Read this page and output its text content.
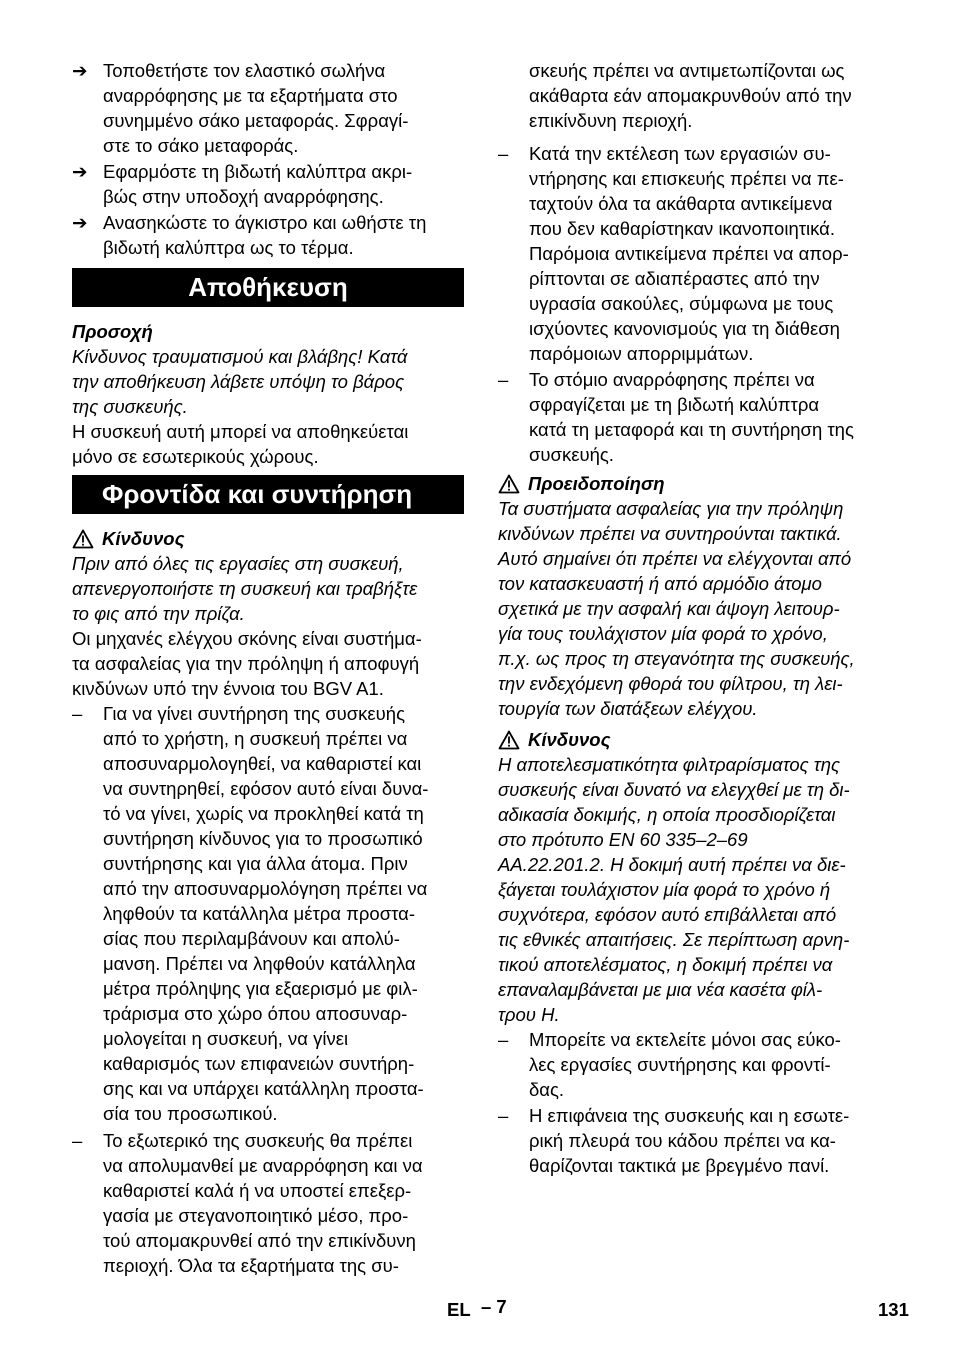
➔ Τοποθετήστε τον ελαστικό σωλήνα
αναρρόφησης με τα εξαρτήματα στο
συνημμένο σάκο μεταφοράς. Σφραγί-
στε το σάκο μεταφοράς.
➔ Εφαρμόστε τη βιδωτή καλύπτρα ακρι-
βώς στην υποδοχή αναρρόφησης.
➔ Ανασηκώστε το άγκιστρο και ωθήστε τη
βιδωτή καλύπτρα ως το τέρμα.
Αποθήκευση
Προσοχή
Κίνδυνος τραυματισμού και βλάβης! Κατά
την αποθήκευση λάβετε υπόψη το βάρος
της συσκευής.
Η συσκευή αυτή μπορεί να αποθηκεύεται
μόνο σε εσωτερικούς χώρους.
Φροντίδα και συντήρηση
Κίνδυνος
Πριν από όλες τις εργασίες στη συσκευή,
απενεργοποιήστε τη συσκευή και τραβήξτε
το φις από την πρίζα.
Οι μηχανές ελέγχου σκόνης είναι συστήμα-
τα ασφαλείας για την πρόληψη ή αποφυγή
κινδύνων υπό την έννοια του BGV A1.
– Για να γίνει συντήρηση της συσκευής
από το χρήστη, η συσκευή πρέπει να
αποσυναρμολογηθεί, να καθαριστεί και
να συντηρηθεί, εφόσον αυτό είναι δυνα-
τό να γίνει, χωρίς να προκληθεί κατά τη
συντήρηση κίνδυνος για το προσωπικό
συντήρησης και για άλλα άτομα. Πριν
από την αποσυναρμολόγηση πρέπει να
ληφθούν τα κατάλληλα μέτρα προστα-
σίας που περιλαμβάνουν και απολύ-
μανση. Πρέπει να ληφθούν κατάλληλα
μέτρα πρόληψης για εξαερισμό με φιλ-
τράρισμα στο χώρο όπου αποσυναρ-
μολογείται η συσκευή, να γίνει
καθαρισμός των επιφανειών συντήρη-
σης και να υπάρχει κατάλληλη προστα-
σία του προσωπικού.
– Το εξωτερικό της συσκευής θα πρέπει
να απολυμανθεί με αναρρόφηση και να
καθαριστεί καλά ή να υποστεί επεξερ-
γασία με στεγανοποιητικό μέσο, προ-
τού απομακρυνθεί από την επικίνδυνη
περιοχή. Όλα τα εξαρτήματα της συ-
σκευής πρέπει να αντιμετωπίζονται ως
ακάθαρτα εάν απομακρυνθούν από την
επικίνδυνη περιοχή.
– Κατά την εκτέλεση των εργασιών συ-
ντήρησης και επισκευής πρέπει να πε-
ταχτούν όλα τα ακάθαρτα αντικείμενα
που δεν καθαρίστηκαν ικανοποιητικά.
Παρόμοια αντικείμενα πρέπει να απορ-
ρίπτονται σε αδιαπέραστες από την
υγρασία σακούλες, σύμφωνα με τους
ισχύοντες κανονισμούς για τη διάθεση
παρόμοιων απορριμμάτων.
– Το στόμιο αναρρόφησης πρέπει να
σφραγίζεται με τη βιδωτή καλύπτρα
κατά τη μεταφορά και τη συντήρηση της
συσκευής.
Προειδοποίηση
Τα συστήματα ασφαλείας για την πρόληψη
κινδύνων πρέπει να συντηρούνται τακτικά.
Αυτό σημαίνει ότι πρέπει να ελέγχονται από
τον κατασκευαστή ή από αρμόδιο άτομο
σχετικά με την ασφαλή και άψογη λειτουρ-
γία τους τουλάχιστον μία φορά το χρόνο,
π.χ. ως προς τη στεγανότητα της συσκευής,
την ενδεχόμενη φθορά του φίλτρου, τη λει-
τουργία των διατάξεων ελέγχου.
Κίνδυνος
Η αποτελεσματικότητα φιλτραρίσματος της
συσκευής είναι δυνατό να ελεγχθεί με τη δι-
αδικασία δοκιμής, η οποία προσδιορίζεται
στο πρότυπο EN 60 335–2–69
AA.22.201.2. Η δοκιμή αυτή πρέπει να διε-
ξάγεται τουλάχιστον μία φορά το χρόνο ή
συχνότερα, εφόσον αυτό επιβάλλεται από
τις εθνικές απαιτήσεις. Σε περίπτωση αρνη-
τικού αποτελέσματος, η δοκιμή πρέπει να
επαναλαμβάνεται με μια νέα κασέτα φίλ-
τρου H.
– Μπορείτε να εκτελείτε μόνοι σας εύκο-
λες εργασίες συντήρησης και φροντί-
δας.
– Η επιφάνεια της συσκευής και η εσωτε-
ρική πλευρά του κάδου πρέπει να κα-
θαρίζονται τακτικά με βρεγμένο πανί.
EL – 7	131
